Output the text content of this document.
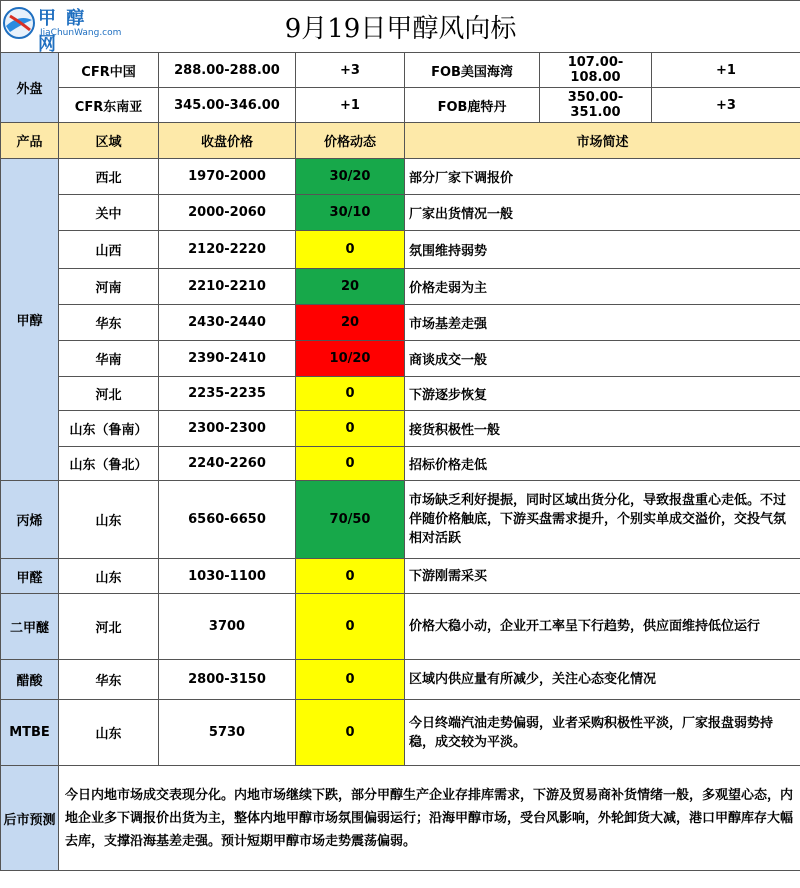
9月19日甲醇风向标						
外盘	CFR中国	288.00-288.00	+3	FOB美国海湾	107.00-108.00	+1
	CFR东南亚	345.00-346.00	+1	FOB鹿特丹	350.00-351.00	+3
产品	区域	收盘价格	价格动态	市场简述		
甲醇	西北	1970-2000	30/20	部分厂家下调报价		
	关中	2000-2060	30/10	厂家出货情况一般		
	山西	2120-2220	0	氛围维持弱势		
	河南	2210-2210	20	价格走弱为主		
	华东	2430-2440	20	市场基差走强		
	华南	2390-2410	10/20	商谈成交一般		
	河北	2235-2235	0	下游逐步恢复		
	山东（鲁南）	2300-2300	0	接货积极性一般		
	山东（鲁北）	2240-2260	0	招标价格走低		
丙烯	山东	6560-6650	70/50	市场缺乏利好提振，同时区域出货分化，导致报盘重心走低。不过伴随价格触底，下游买盘需求提升，个别实单成交溢价，交投气氛相对活跃		
甲醛	山东	1030-1100	0	下游刚需采买		
二甲醚	河北	3700	0	价格大稳小动，企业开工率呈下行趋势，供应面维持低位运行		
醋酸	华东	2800-3150	0	区域内供应量有所减少，关注心态变化情况		
MTBE	山东	5730	0	今日终端汽油走势偏弱，业者采购积极性平淡，厂家报盘弱势持稳，成交较为平淡。		
后市预测	今日内地市场成交表现分化。内地市场继续下跌，部分甲醇生产企业存排库需求，下游及贸易商补货情绪一般，多观望心态，内地企业多下调报价出货为主，整体内地甲醇市场氛围偏弱运行；沿海甲醇市场，受台风影响，外轮卸货大减，港口甲醇库存大幅去库，支撑沿海基差走强。预计短期甲醇市场走势震荡偏弱。					
甲 醇 网
JiaChunWang.com
